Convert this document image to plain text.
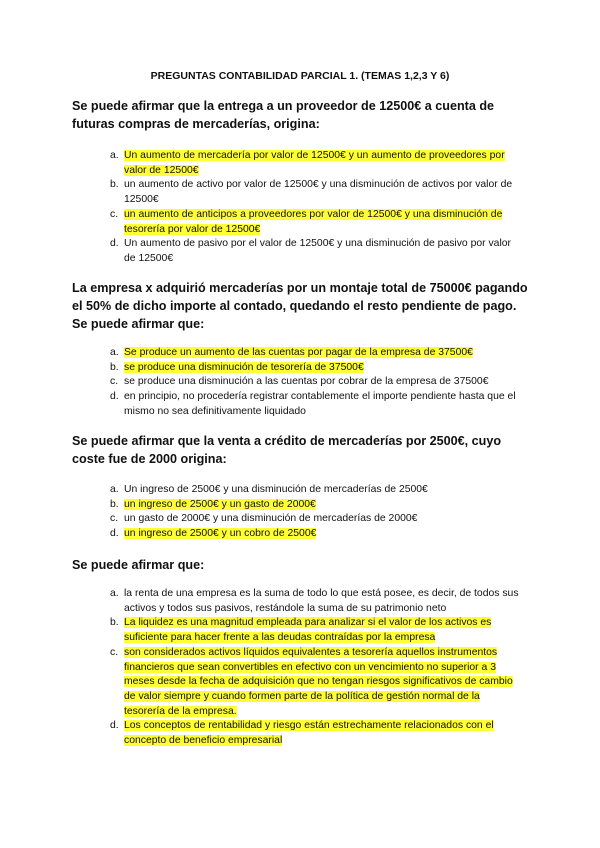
PREGUNTAS CONTABILIDAD PARCIAL 1. (TEMAS 1,2,3 Y 6)
Se puede afirmar que la entrega a un proveedor de 12500€ a cuenta de futuras compras de mercaderías, origina:
a. Un aumento de mercadería por valor de 12500€ y un aumento de proveedores por valor de 12500€
b. un aumento de activo por valor de 12500€ y una disminución de activos por valor de 12500€
c. un aumento de anticipos a proveedores por valor de 12500€ y una disminución de tesorería por valor de 12500€
d. Un aumento de pasivo por el valor de 12500€ y una disminución de pasivo por valor de 12500€
La empresa x adquirió mercaderías por un montaje total de 75000€ pagando el 50% de dicho importe al contado, quedando el resto pendiente de pago. Se puede afirmar que:
a. Se produce un aumento de las cuentas por pagar de la empresa de 37500€
b. se produce una disminución de tesorería de 37500€
c. se produce una disminución a las cuentas por cobrar de la empresa de 37500€
d. en principio, no procedería registrar contablemente el importe pendiente hasta que el mismo no sea definitivamente liquidado
Se puede afirmar que la venta a crédito de mercaderías por 2500€, cuyo coste fue de 2000 origina:
a. Un ingreso de 2500€ y una disminución de mercaderías de 2500€
b. un ingreso de 2500€ y un gasto de 2000€
c. un gasto de 2000€ y una disminución de mercaderías de 2000€
d. un ingreso de 2500€ y un cobro de 2500€
Se puede afirmar que:
a. la renta de una empresa es la suma de todo lo que está posee, es decir, de todos sus activos y todos sus pasivos, restándole la suma de su patrimonio neto
b. La liquidez es una magnitud empleada para analizar si el valor de los activos es suficiente para hacer frente a las deudas contraídas por la empresa
c. son considerados activos líquidos equivalentes a tesorería aquellos instrumentos financieros que sean convertibles en efectivo con un vencimiento no superior a 3 meses desde la fecha de adquisición que no tengan riesgos significativos de cambio de valor siempre y cuando formen parte de la política de gestión normal de la tesorería de la empresa.
d. Los conceptos de rentabilidad y riesgo están estrechamente relacionados con el concepto de beneficio empresarial
